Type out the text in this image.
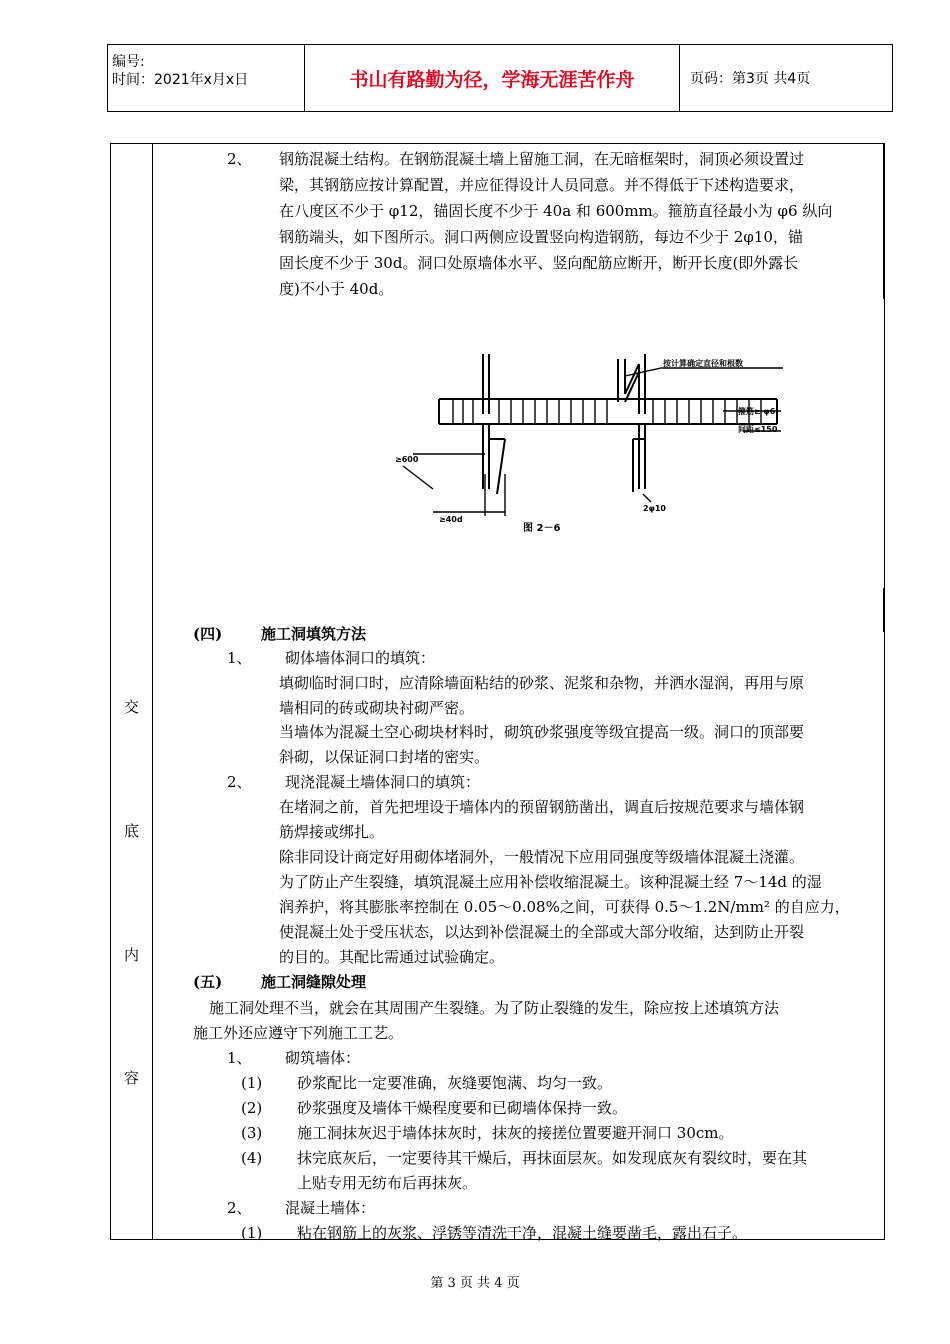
编号:
时间：2021年x月x日	书山有路勤为径，学海无涯苦作舟	页码：第3页 共4页
交
底
内
容
2、 钢筋混凝土结构。在钢筋混凝土墙上留施工洞，在无暗框架时，洞顶必须设置过
梁，其钢筋应按计算配置，并应征得设计人员同意。并不得低于下述构造要求，
在八度区不少于 φ12，锚固长度不少于 40a 和 600mm。箍筋直径最小为 φ6 纵向
钢筋端头，如下图所示。洞口两侧应设置竖向构造钢筋，每边不少于 2φ10，锚
固长度不少于 30d。洞口处原墙体水平、竖向配筋应断开，断开长度(即外露长
度)不小于 40d。
按计算确定直径和根数
箍筋≥ φ6
间距≤150
≥600
≥40d
2φ10
图 2－6
(四)	施工洞填筑方法
1、 砌体墙体洞口的填筑：
填砌临时洞口时，应清除墙面粘结的砂浆、泥浆和杂物，并洒水湿润，再用与原
墙相同的砖或砌块衬砌严密。
当墙体为混凝土空心砌块材料时，砌筑砂浆强度等级宜提高一级。洞口的顶部要
斜砌，以保证洞口封堵的密实。
2、 现浇混凝土墙体洞口的填筑：
在堵洞之前，首先把埋设于墙体内的预留钢筋凿出，调直后按规范要求与墙体钢
筋焊接或绑扎。
除非同设计商定好用砌体堵洞外，一般情况下应用同强度等级墙体混凝土浇灌。
为了防止产生裂缝，填筑混凝土应用补偿收缩混凝土。该种混凝土经 7～14d 的湿
润养护，将其膨胀率控制在 0.05～0.08%之间，可获得 0.5～1.2N/mm² 的自应力，
使混凝土处于受压状态，以达到补偿混凝土的全部或大部分收缩，达到防止开裂
的目的。其配比需通过试验确定。
(五)	施工洞缝隙处理
施工洞处理不当，就会在其周围产生裂缝。为了防止裂缝的发生，除应按上述填筑方法
施工外还应遵守下列施工工艺。
1、 砌筑墙体：
(1) 砂浆配比一定要准确，灰缝要饱满、均匀一致。
(2) 砂浆强度及墙体干燥程度要和已砌墙体保持一致。
(3) 施工洞抹灰迟于墙体抹灰时，抹灰的接搓位置要避开洞口 30cm。
(4) 抹完底灰后，一定要待其干燥后，再抹面层灰。如发现底灰有裂纹时，要在其
上贴专用无纺布后再抹灰。
2、 混凝土墙体：
(1) 粘在钢筋上的灰浆、浮锈等清洗干净，混凝土缝要凿毛，露出石子。
第 3 页 共 4 页
